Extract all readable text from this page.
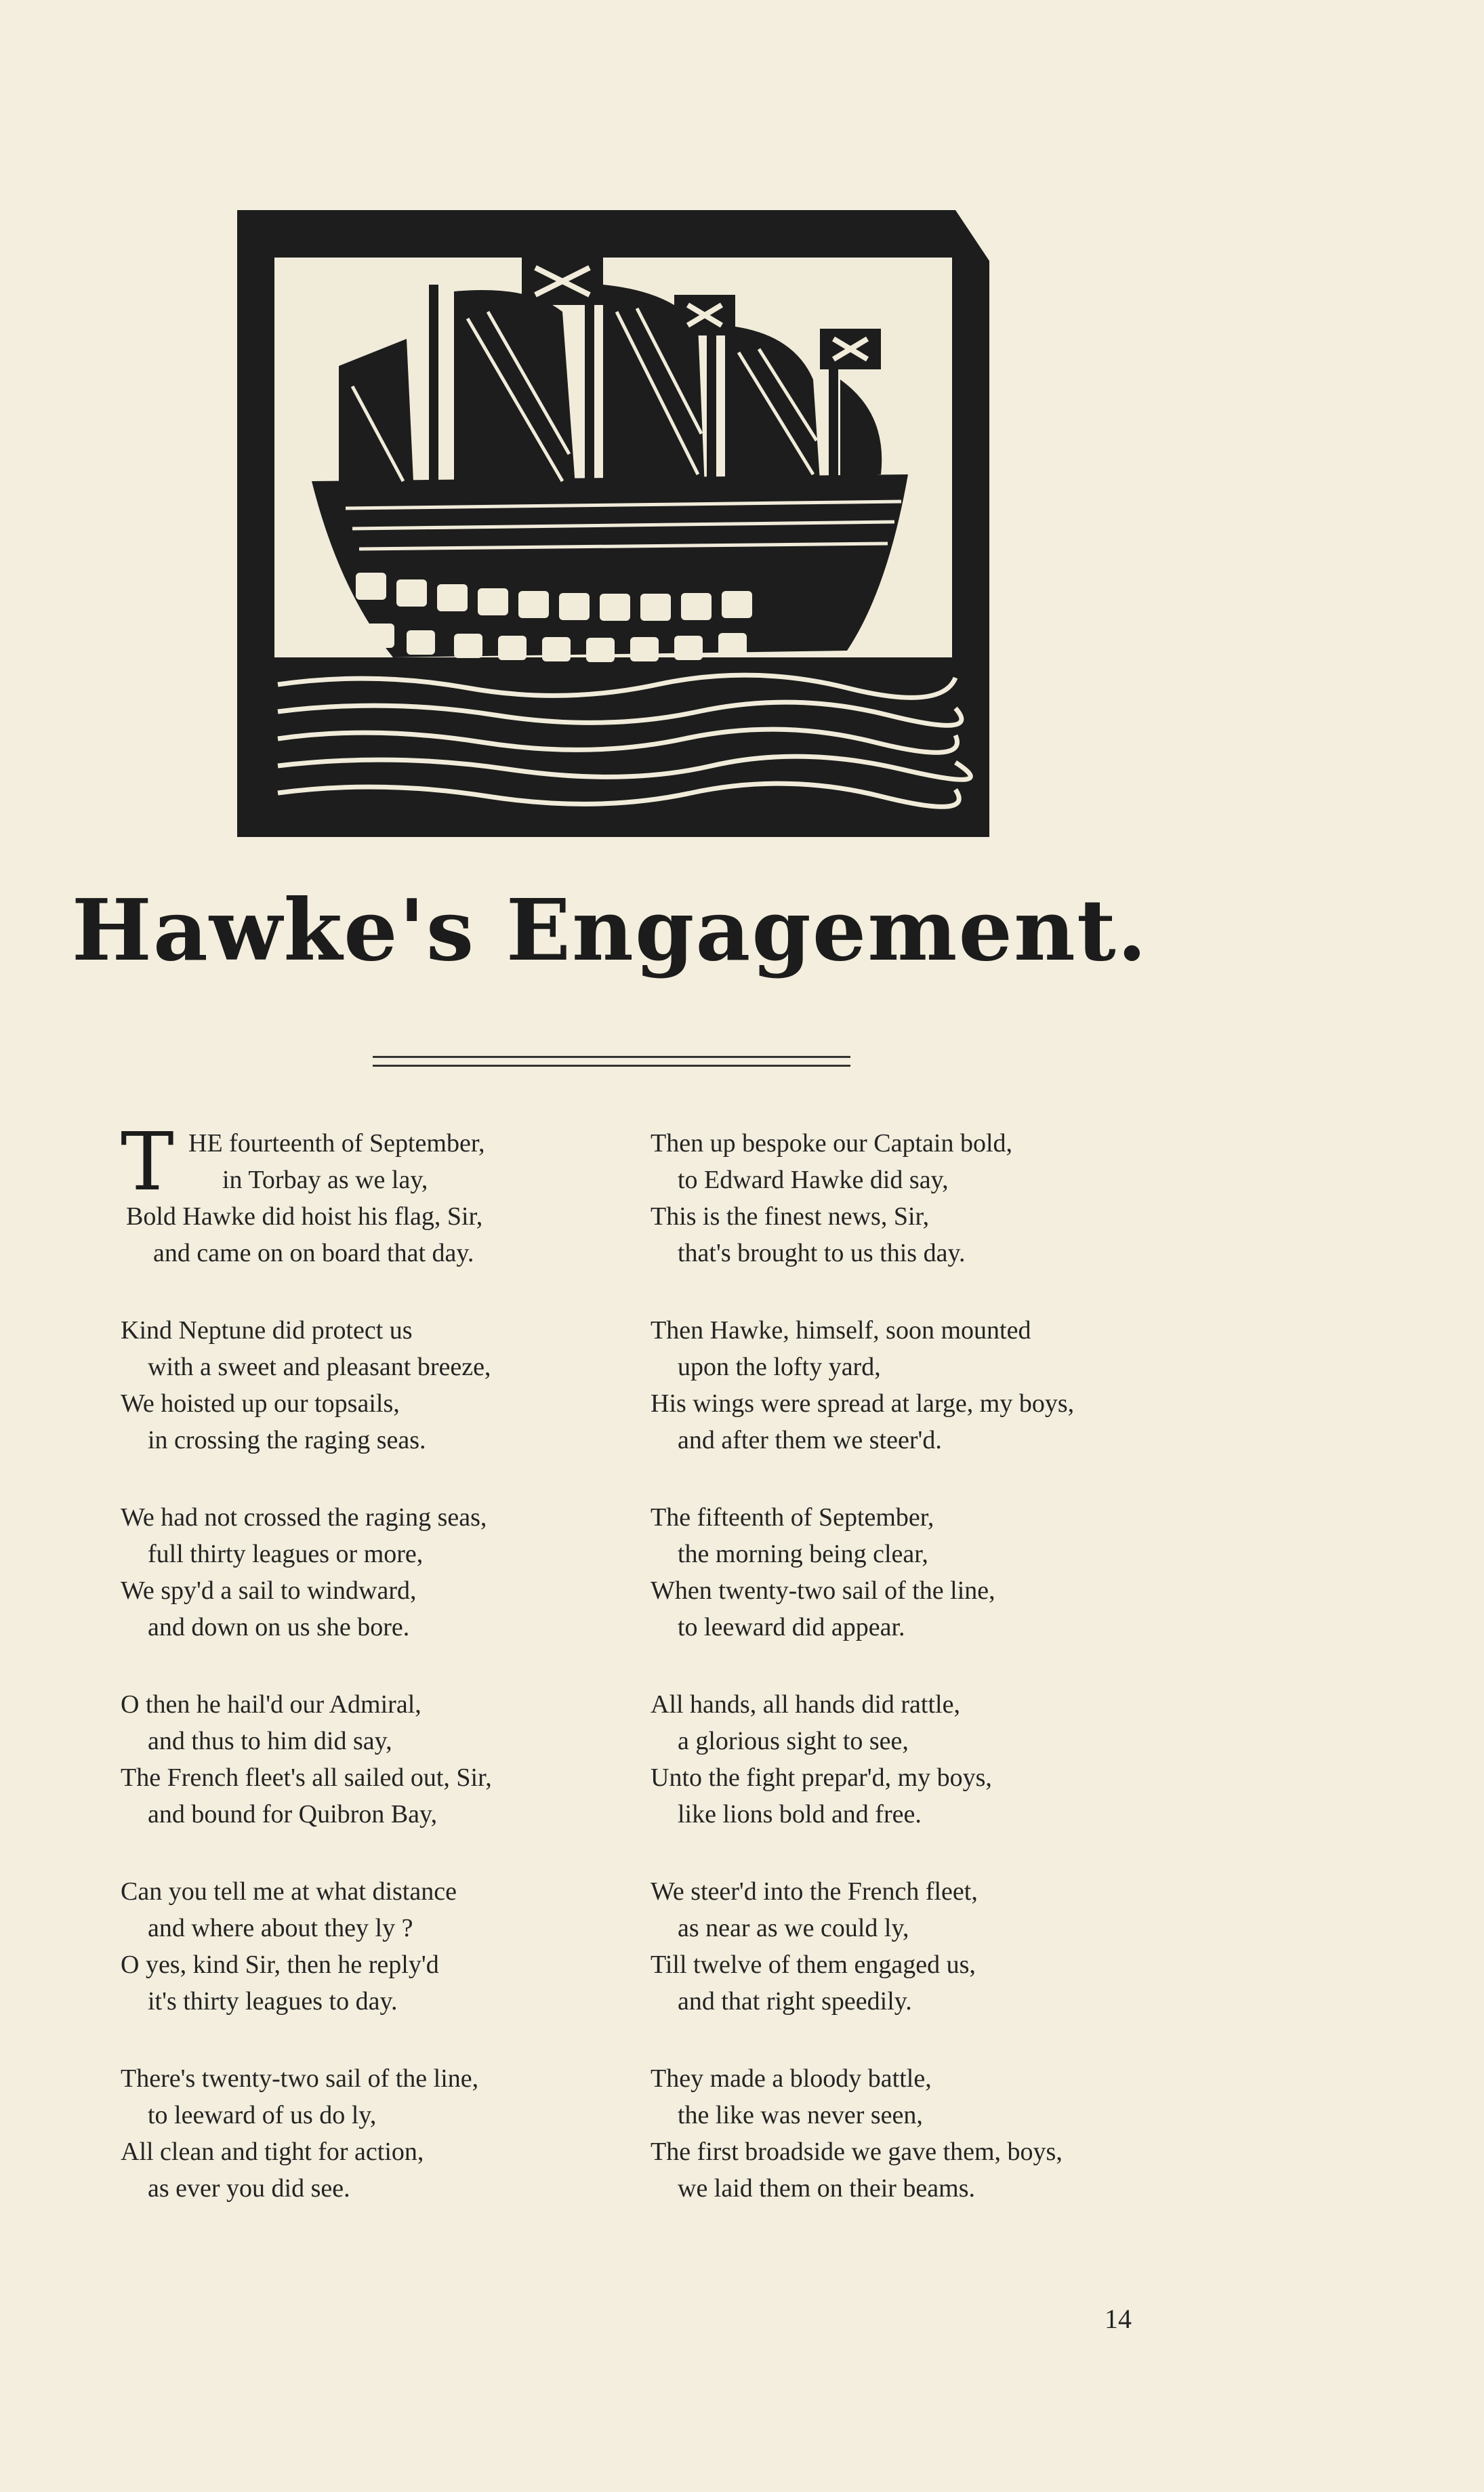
Hawke's Engagement.
T HE fourteenth of September,
in Torbay as we lay,
Bold Hawke did hoist his flag, Sir,
and came on on board that day.
Kind Neptune did protect us
with a sweet and pleasant breeze,
We hoisted up our topsails,
in crossing the raging seas.
We had not crossed the raging seas,
full thirty leagues or more,
We spy'd a sail to windward,
and down on us she bore.
O then he hail'd our Admiral,
and thus to him did say,
The French fleet's all sailed out, Sir,
and bound for Quibron Bay,
Can you tell me at what distance
and where about they ly ?
O yes, kind Sir, then he reply'd
it's thirty leagues to day.
There's twenty-two sail of the line,
to leeward of us do ly,
All clean and tight for action,
as ever you did see.
Then up bespoke our Captain bold,
to Edward Hawke did say,
This is the finest news, Sir,
that's brought to us this day.
Then Hawke, himself, soon mounted
upon the lofty yard,
His wings were spread at large, my boys,
and after them we steer'd.
The fifteenth of September,
the morning being clear,
When twenty-two sail of the line,
to leeward did appear.
All hands, all hands did rattle,
a glorious sight to see,
Unto the fight prepar'd, my boys,
like lions bold and free.
We steer'd into the French fleet,
as near as we could ly,
Till twelve of them engaged us,
and that right speedily.
They made a bloody battle,
the like was never seen,
The first broadside we gave them, boys,
we laid them on their beams.
14
